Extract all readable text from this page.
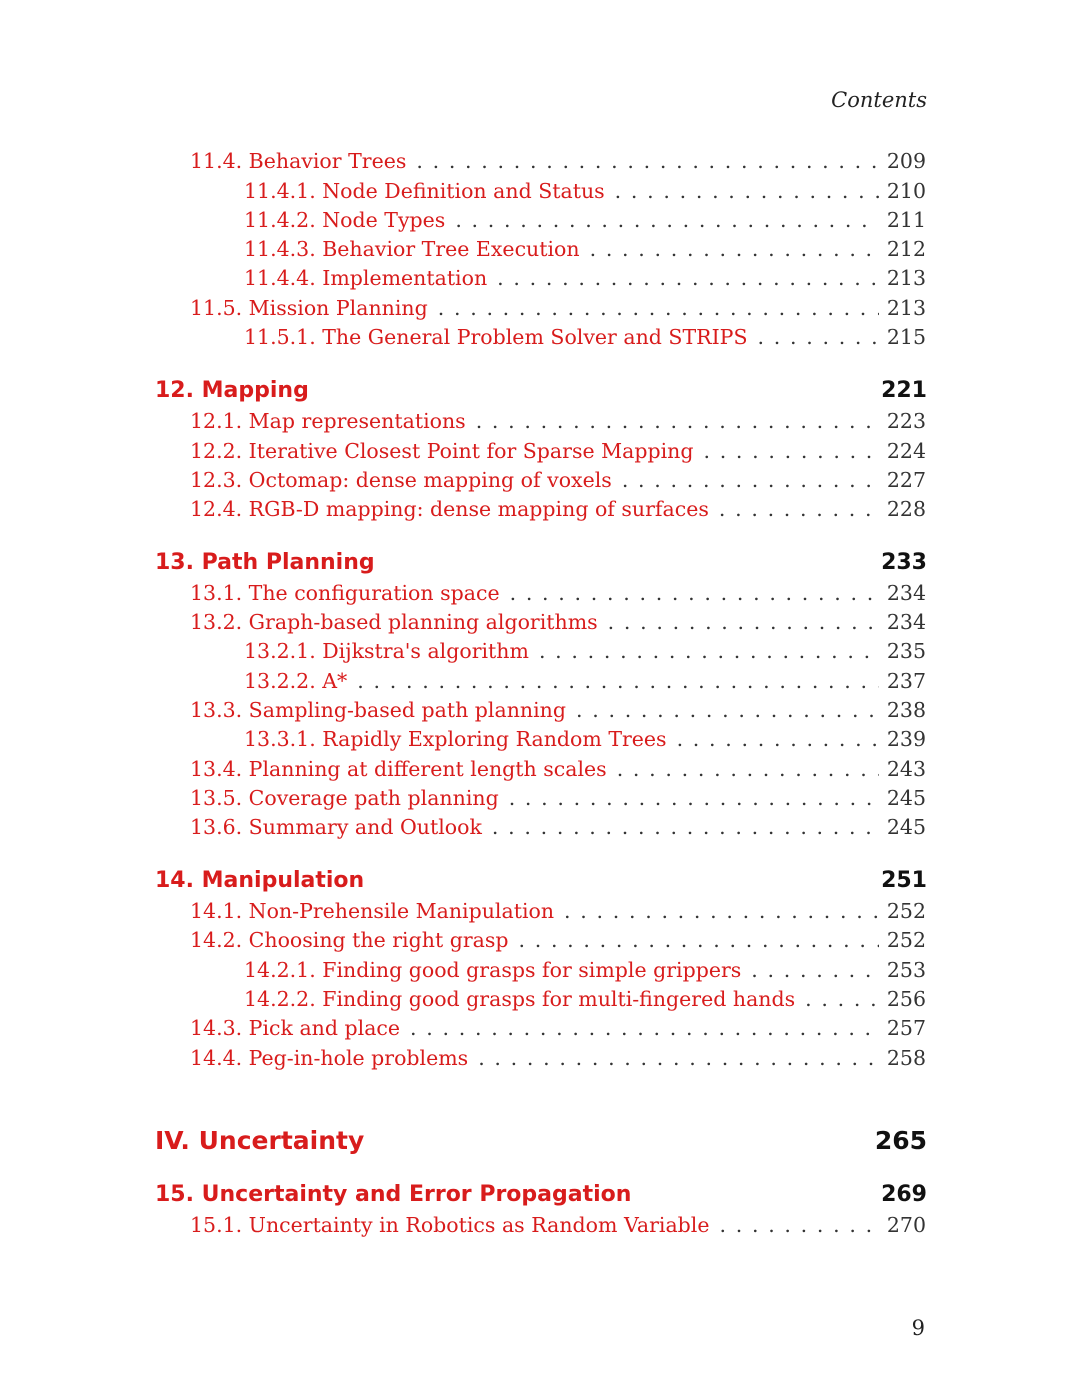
Contents
11.4. Behavior Trees . . .	209
11.4.1. Node Definition and Status . . .	210
11.4.2. Node Types . . .	211
11.4.3. Behavior Tree Execution . . .	212
11.4.4. Implementation . . .	213
11.5. Mission Planning . . .	213
11.5.1. The General Problem Solver and STRIPS . . .	215
12. Mapping	221
12.1. Map representations . . .	223
12.2. Iterative Closest Point for Sparse Mapping . . .	224
12.3. Octomap: dense mapping of voxels . . .	227
12.4. RGB-D mapping: dense mapping of surfaces . . .	228
13. Path Planning	233
13.1. The configuration space . . .	234
13.2. Graph-based planning algorithms . . .	234
13.2.1. Dijkstra's algorithm . . .	235
13.2.2. A* . . .	237
13.3. Sampling-based path planning . . .	238
13.3.1. Rapidly Exploring Random Trees . . .	239
13.4. Planning at different length scales . . .	243
13.5. Coverage path planning . . .	245
13.6. Summary and Outlook . . .	245
14. Manipulation	251
14.1. Non-Prehensile Manipulation . . .	252
14.2. Choosing the right grasp . . .	252
14.2.1. Finding good grasps for simple grippers . . .	253
14.2.2. Finding good grasps for multi-fingered hands . . .	256
14.3. Pick and place . . .	257
14.4. Peg-in-hole problems . . .	258
IV. Uncertainty	265
15. Uncertainty and Error Propagation	269
15.1. Uncertainty in Robotics as Random Variable . . .	270
9
